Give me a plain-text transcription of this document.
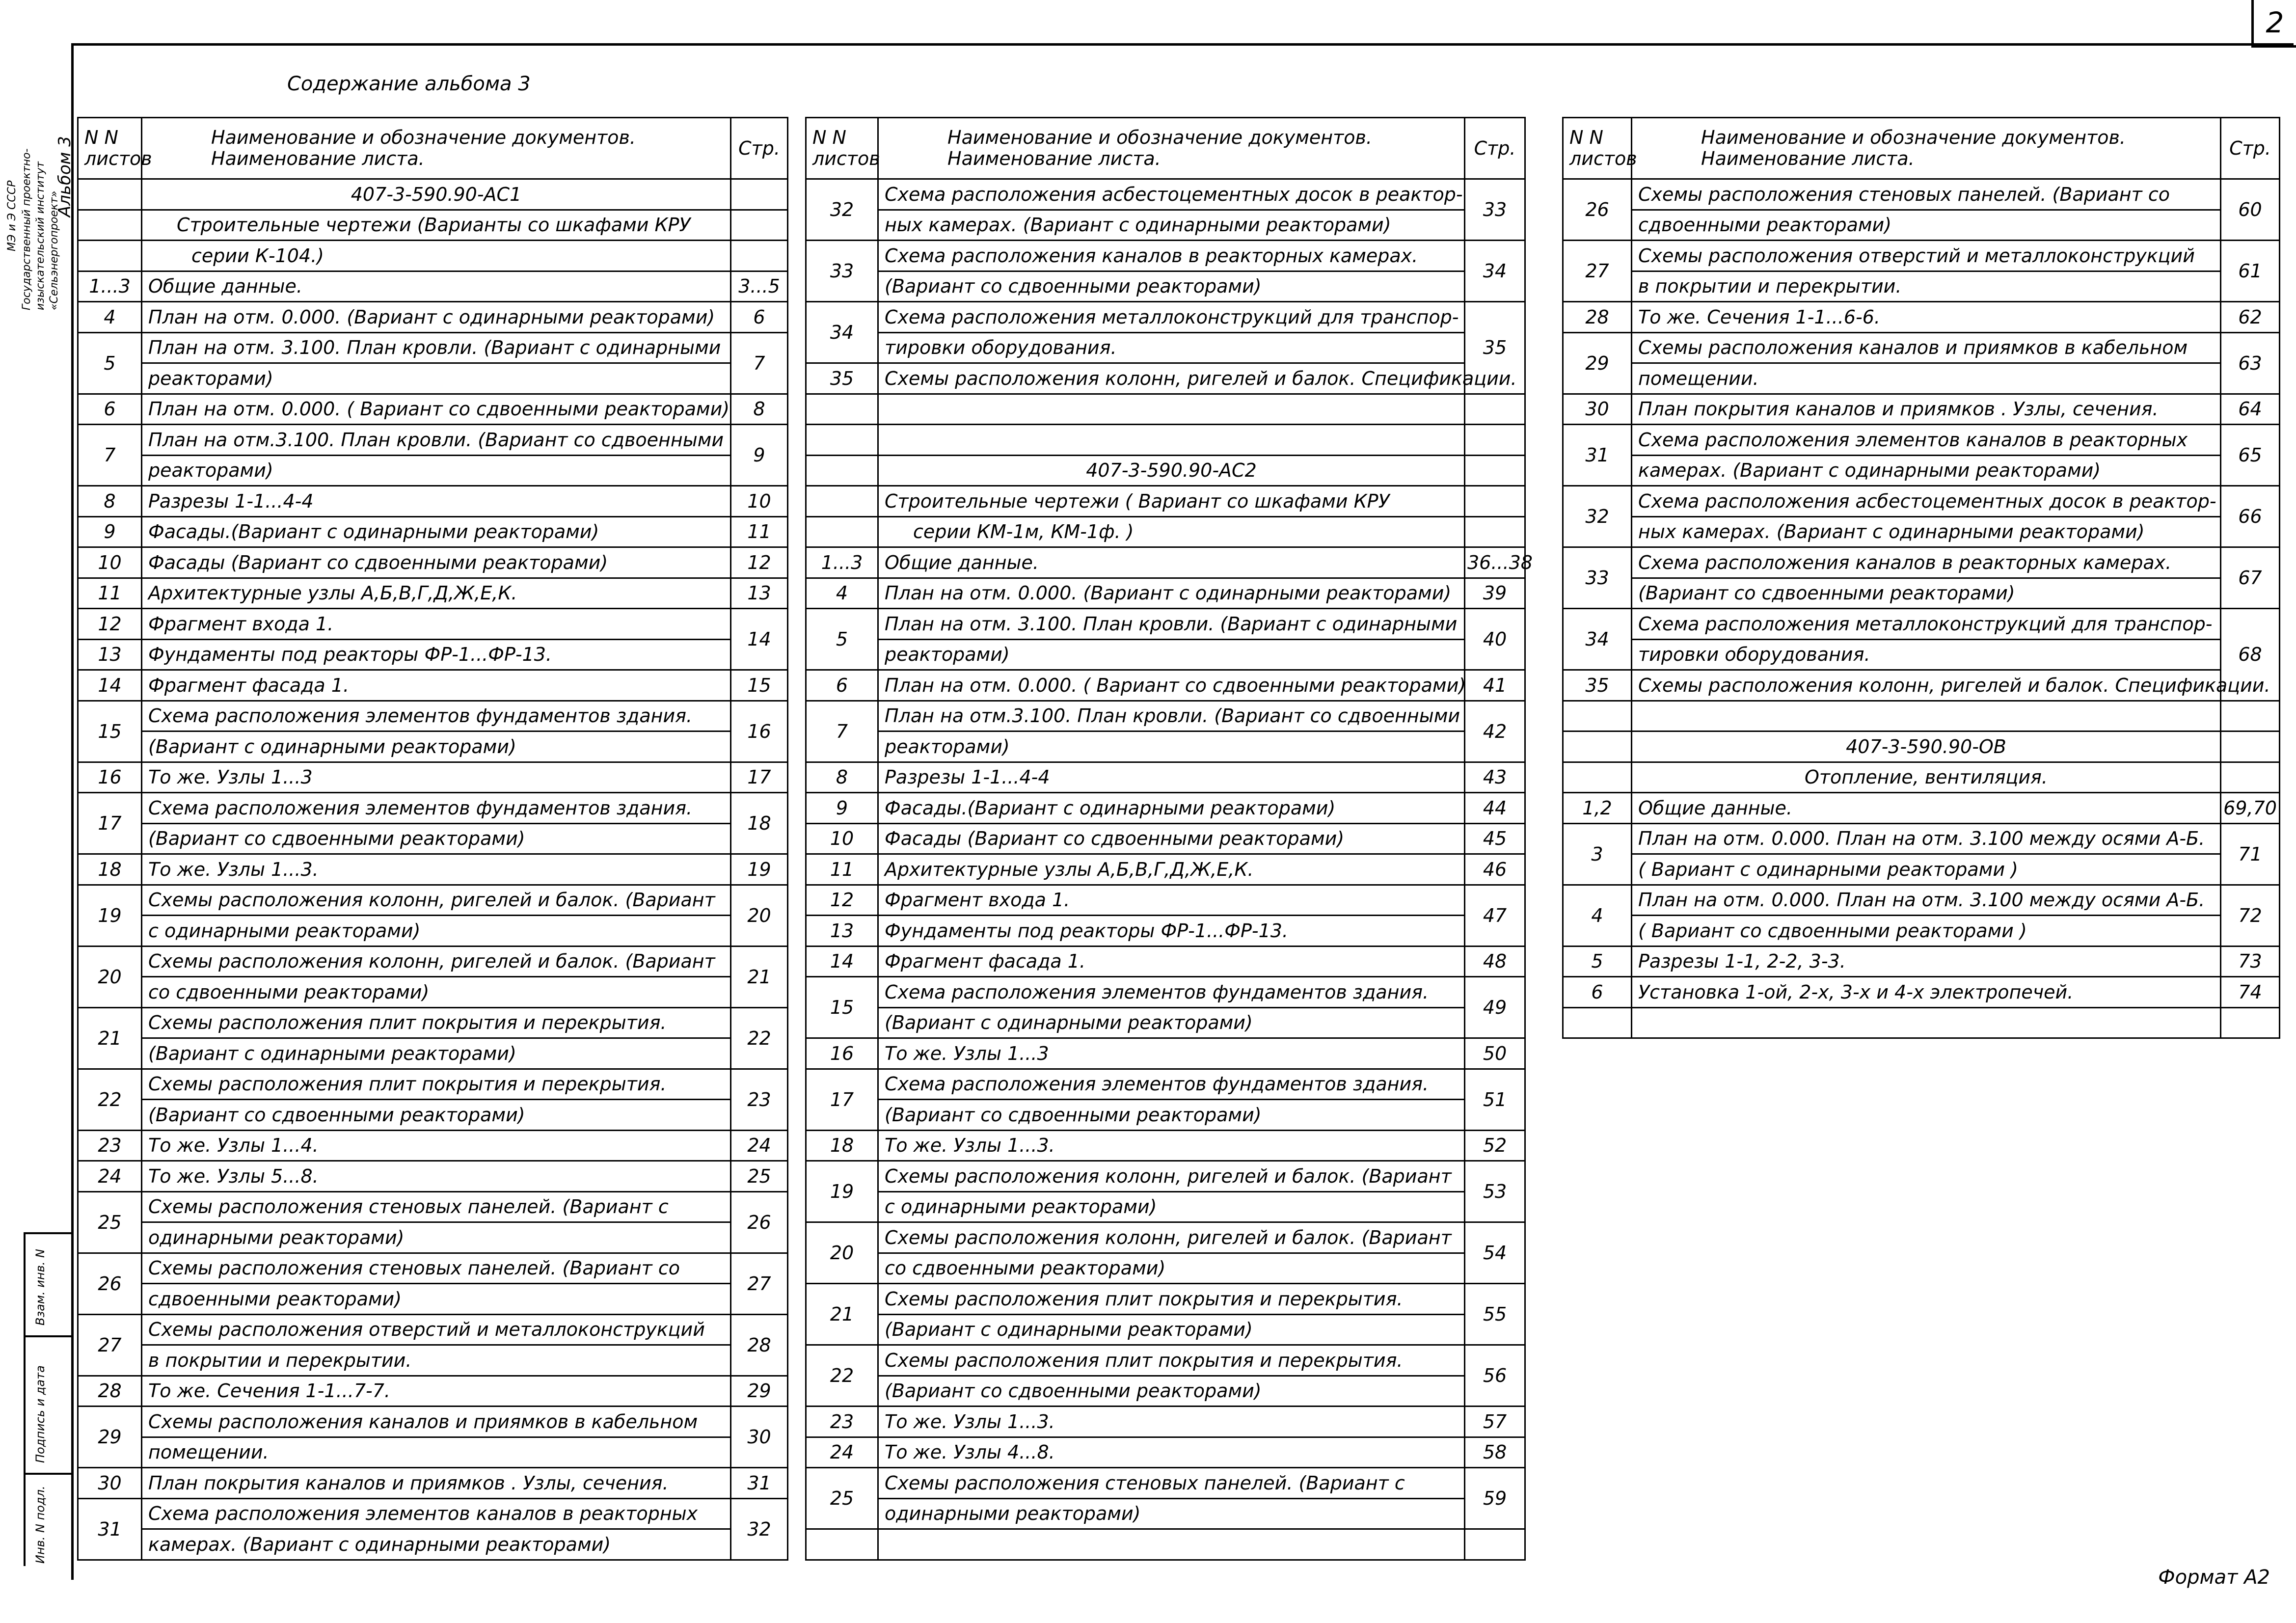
2
Содержание альбома 3
Формат А2
МЭ и Э СССР Государственный проектно- изыскательский институт «Сельэнергопроект»
Альбом 3
Взам. инв. N
Подпись и дата
Инв. N подл.
N N
листов	Наименование и обозначение документов.
Наименование листа.	Стр.
	407-3-590.90-АС1	
	Строительные чертежи (Варианты со шкафами КРУ	
	серии К-104.)	
1...3	Общие данные.	3...5
4	План на отм. 0.000. (Вариант с одинарными реакторами)	6
5	План на отм. 3.100. План кровли. (Вариант с одинарными	7
	реакторами)	
6	План на отм. 0.000. ( Вариант со сдвоенными реакторами)	8
7	План на отм.3.100. План кровли. (Вариант со сдвоенными	9
	реакторами)	
8	Разрезы 1-1...4-4	10
9	Фасады.(Вариант с одинарными реакторами)	11
10	Фасады (Вариант со сдвоенными реакторами)	12
11	Архитектурные узлы А,Б,В,Г,Д,Ж,Е,К.	13
12	Фрагмент входа 1.	14
13	Фундаменты под реакторы ФР-1...ФР-13.	
14	Фрагмент фасада 1.	15
15	Схема расположения элементов фундаментов здания.	16
	(Вариант с одинарными реакторами)	
16	То же. Узлы 1...3	17
17	Схема расположения элементов фундаментов здания.	18
	(Вариант со сдвоенными реакторами)	
18	То же. Узлы 1...3.	19
19	Схемы расположения колонн, ригелей и балок. (Вариант	20
	с одинарными реакторами)	
20	Схемы расположения колонн, ригелей и балок. (Вариант	21
	со сдвоенными реакторами)	
21	Схемы расположения плит покрытия и перекрытия.	22
	(Вариант с одинарными реакторами)	
22	Схемы расположения плит покрытия и перекрытия.	23
	(Вариант со сдвоенными реакторами)	
23	То же. Узлы 1...4.	24
24	То же. Узлы 5...8.	25
25	Схемы расположения стеновых панелей. (Вариант с	26
	одинарными реакторами)	
26	Схемы расположения стеновых панелей. (Вариант со	27
	сдвоенными реакторами)	
27	Схемы расположения отверстий и металлоконструкций	28
	в покрытии и перекрытии.	
28	То же. Сечения 1-1...7-7.	29
29	Схемы расположения каналов и приямков в кабельном	30
	помещении.	
30	План покрытия каналов и приямков . Узлы, сечения.	31
31	Схема расположения элементов каналов в реакторных	32
	камерах. (Вариант с одинарными реакторами)	
N N
листов	Наименование и обозначение документов.
Наименование листа.	Стр.
32	Схема расположения асбестоцементных досок в реактор-	33
	ных камерах. (Вариант с одинарными реакторами)	
33	Схема расположения каналов в реакторных камерах.	34
	(Вариант со сдвоенными реакторами)	
34	Схема расположения металлоконструкций для транспор-	35
	тировки оборудования.	
35	Схемы расположения колонн, ригелей и балок. Спецификации.	

	407-3-590.90-АС2	
	Строительные чертежи ( Вариант со шкафами КРУ	
	серии КМ-1м, КМ-1ф. )	
1...3	Общие данные.	36...38
4	План на отм. 0.000. (Вариант с одинарными реакторами)	39
5	План на отм. 3.100. План кровли. (Вариант с одинарными	40
	реакторами)	
6	План на отм. 0.000. ( Вариант со сдвоенными реакторами)	41
7	План на отм.3.100. План кровли. (Вариант со сдвоенными	42
	реакторами)	
8	Разрезы 1-1...4-4	43
9	Фасады.(Вариант с одинарными реакторами)	44
10	Фасады (Вариант со сдвоенными реакторами)	45
11	Архитектурные узлы А,Б,В,Г,Д,Ж,Е,К.	46
12	Фрагмент входа 1.	47
13	Фундаменты под реакторы ФР-1...ФР-13.	
14	Фрагмент фасада 1.	48
15	Схема расположения элементов фундаментов здания.	49
	(Вариант с одинарными реакторами)	
16	То же. Узлы 1...3	50
17	Схема расположения элементов фундаментов здания.	51
	(Вариант со сдвоенными реакторами)	
18	То же. Узлы 1...3.	52
19	Схемы расположения колонн, ригелей и балок. (Вариант	53
	с одинарными реакторами)	
20	Схемы расположения колонн, ригелей и балок. (Вариант	54
	со сдвоенными реакторами)	
21	Схемы расположения плит покрытия и перекрытия.	55
	(Вариант с одинарными реакторами)	
22	Схемы расположения плит покрытия и перекрытия.	56
	(Вариант со сдвоенными реакторами)	
23	То же. Узлы 1...3.	57
24	То же. Узлы 4...8.	58
25	Схемы расположения стеновых панелей. (Вариант с	59
	одинарными реакторами)	

N N
листов	Наименование и обозначение документов.
Наименование листа.	Стр.
26	Схемы расположения стеновых панелей. (Вариант со	60
	сдвоенными реакторами)	
27	Схемы расположения отверстий и металлоконструкций	61
	в покрытии и перекрытии.	
28	То же. Сечения 1-1...6-6.	62
29	Схемы расположения каналов и приямков в кабельном	63
	помещении.	
30	План покрытия каналов и приямков . Узлы, сечения.	64
31	Схема расположения элементов каналов в реакторных	65
	камерах. (Вариант с одинарными реакторами)	
32	Схема расположения асбестоцементных досок в реактор-	66
	ных камерах. (Вариант с одинарными реакторами)	
33	Схема расположения каналов в реакторных камерах.	67
	(Вариант со сдвоенными реакторами)	
34	Схема расположения металлоконструкций для транспор-	68
	тировки оборудования.	
35	Схемы расположения колонн, ригелей и балок. Спецификации.	

	407-3-590.90-ОВ	
	Отопление, вентиляция.	
1,2	Общие данные.	69,70
3	План на отм. 0.000. План на отм. 3.100 между осями А-Б.	71
	( Вариант с одинарными реакторами )	
4	План на отм. 0.000. План на отм. 3.100 между осями А-Б.	72
	( Вариант со сдвоенными реакторами )	
5	Разрезы 1-1, 2-2, 3-3.	73
6	Установка 1-ой, 2-х, 3-х и 4-х электропечей.	74
